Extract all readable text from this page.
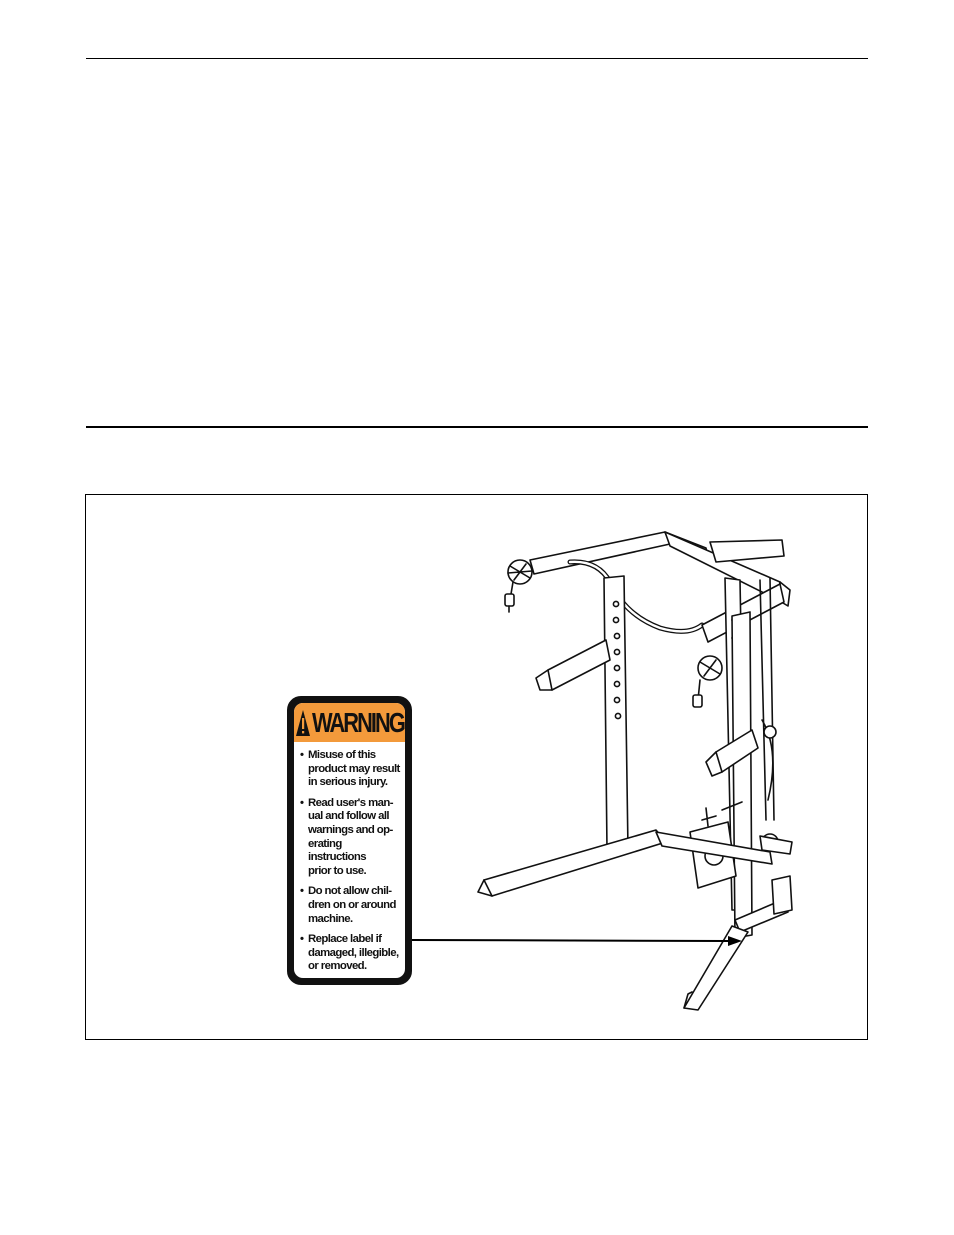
WARNING
• Misuse of this
product may result
in serious injury.
• Read user's man-
ual and follow all
warnings and op-
erating instructions
prior to use.
• Do not allow chil-
dren on or around
machine.
• Replace label if
damaged, illegible,
or removed.
